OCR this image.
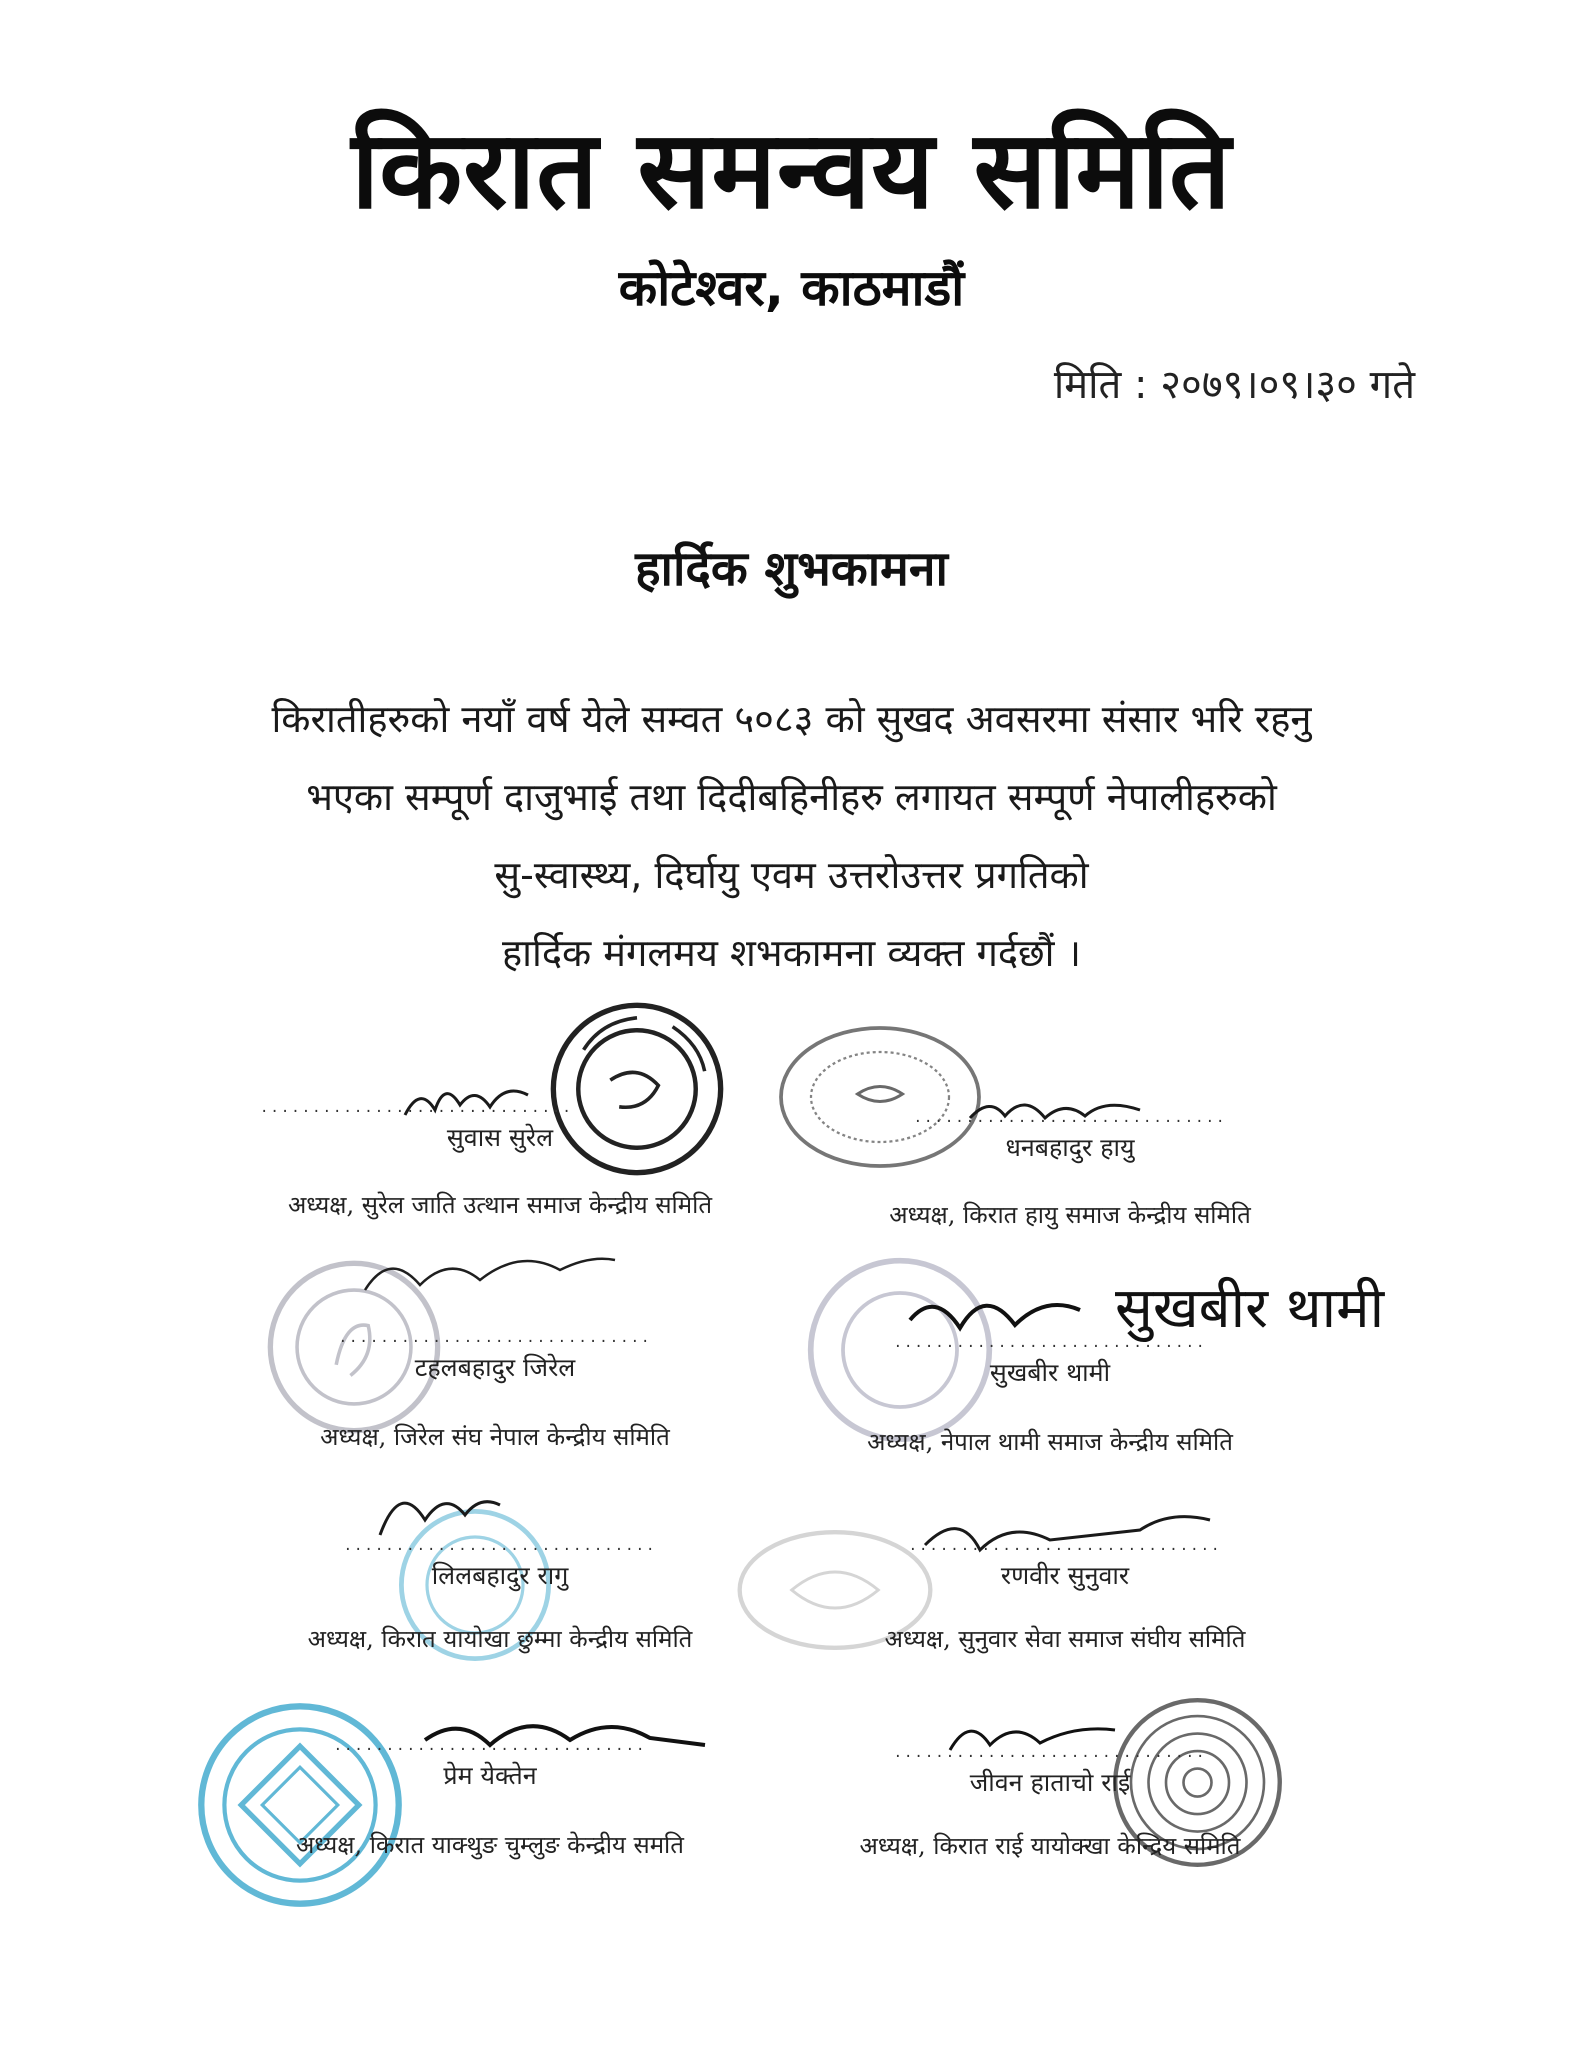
किरात समन्वय समिति
कोटेश्वर, काठमाडौं
मिति : २०७९।०९।३० गते
हार्दिक शुभकामना

किरातीहरुको नयाँ वर्ष येले सम्वत ५०८३ को सुखद अवसरमा संसार भरि रहनु

भएका सम्पूर्ण दाजुभाई तथा दिदीबहिनीहरु लगायत सम्पूर्ण नेपालीहरुको

सु-स्वास्थ्य, दिर्घायु एवम उत्तरोउत्तर प्रगतिको

हार्दिक मंगलमय शभकामना व्यक्त गर्दछौं ।

सुखबीर थामी
..............................
सुवास सुरेल
अध्यक्ष, सुरेल जाति उत्थान समाज केन्द्रीय समिति
..............................
धनबहादुर हायु
अध्यक्ष, किरात हायु समाज केन्द्रीय समिति
..............................
टहलबहादुर जिरेल
अध्यक्ष, जिरेल संघ नेपाल केन्द्रीय समिति
..............................
सुखबीर थामी
अध्यक्ष, नेपाल थामी समाज केन्द्रीय समिति
..............................
लिलबहादुर रागु
अध्यक्ष, किरात यायोखा छुम्मा केन्द्रीय समिति
..............................
रणवीर सुनुवार
अध्यक्ष, सुनुवार सेवा समाज संघीय समिति
..............................
प्रेम येक्तेन
अध्यक्ष, किरात याक्थुङ चुम्लुङ केन्द्रीय समति
..............................
जीवन हाताचो राई
अध्यक्ष, किरात राई यायोक्खा केन्द्रिय समिति
